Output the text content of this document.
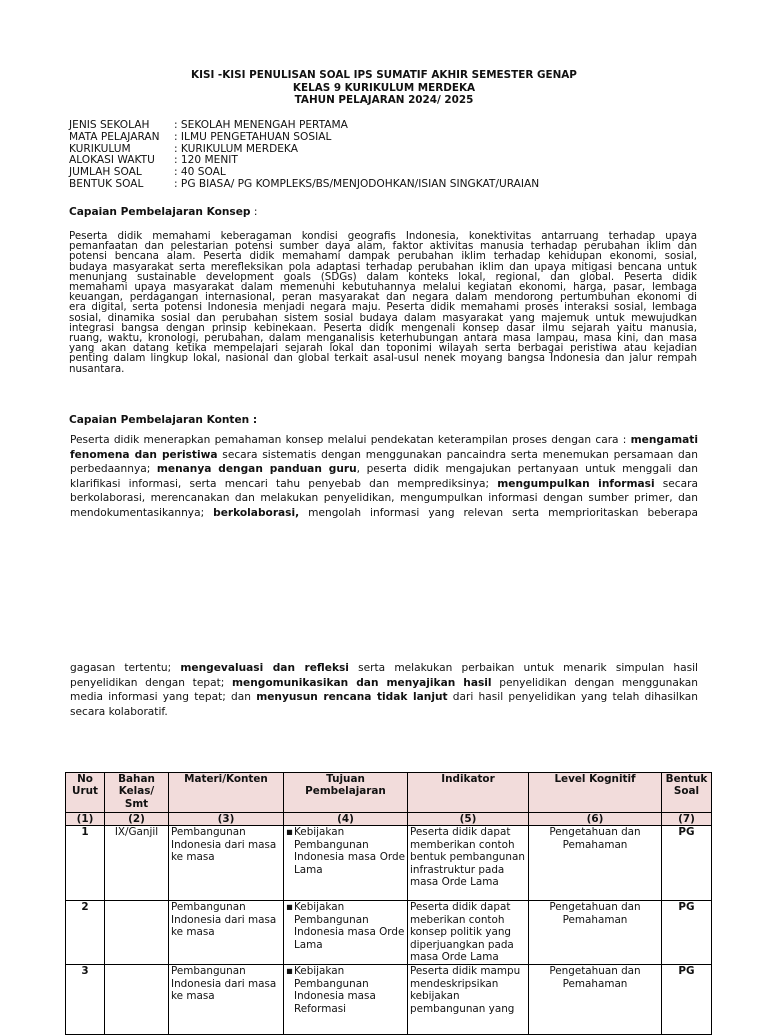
KISI -KISI PENULISAN SOAL IPS SUMATIF AKHIR SEMESTER GENAP
KELAS 9 KURIKULUM MERDEKA
TAHUN PELAJARAN 2024/ 2025
JENIS SEKOLAH	: SEKOLAH MENENGAH PERTAMA
MATA PELAJARAN	: ILMU PENGETAHUAN SOSIAL
KURIKULUM	: KURIKULUM MERDEKA
ALOKASI WAKTU	: 120 MENIT
JUMLAH SOAL	: 40 SOAL
BENTUK SOAL	: PG BIASA/ PG KOMPLEKS/BS/MENJODOHKAN/ISIAN SINGKAT/URAIAN
Capaian Pembelajaran Konsep :
Peserta didik memahami keberagaman kondisi geografis Indonesia, konektivitas antarruang terhadap upaya
pemanfaatan dan pelestarian potensi sumber daya alam, faktor aktivitas manusia terhadap perubahan iklim dan
potensi bencana alam. Peserta didik memahami dampak perubahan iklim terhadap kehidupan ekonomi, sosial,
budaya masyarakat serta merefleksikan pola adaptasi terhadap perubahan iklim dan upaya mitigasi bencana untuk
menunjang sustainable development goals (SDGs) dalam konteks lokal, regional, dan global. Peserta didik
memahami upaya masyarakat dalam memenuhi kebutuhannya melalui kegiatan ekonomi, harga, pasar, lembaga
keuangan, perdagangan internasional, peran masyarakat dan negara dalam mendorong pertumbuhan ekonomi di
era digital, serta potensi Indonesia menjadi negara maju. Peserta didik memahami proses interaksi sosial, lembaga
sosial, dinamika sosial dan perubahan sistem sosial budaya dalam masyarakat yang majemuk untuk mewujudkan
integrasi bangsa dengan prinsip kebinekaan. Peserta didik mengenali konsep dasar ilmu sejarah yaitu manusia,
ruang, waktu, kronologi, perubahan, dalam menganalisis keterhubungan antara masa lampau, masa kini, dan masa
yang akan datang ketika mempelajari sejarah lokal dan toponimi wilayah serta berbagai peristiwa atau kejadian
penting dalam lingkup lokal, nasional dan global terkait asal-usul nenek moyang bangsa Indonesia dan jalur rempah
nusantara.
Capaian Pembelajaran Konten :
Peserta didik menerapkan pemahaman konsep melalui pendekatan keterampilan proses dengan cara : mengamati
fenomena dan peristiwa secara sistematis dengan menggunakan pancaindra serta menemukan persamaan dan
perbedaannya; menanya dengan panduan guru, peserta didik mengajukan pertanyaan untuk menggali dan
klarifikasi informasi, serta mencari tahu penyebab dan memprediksinya; mengumpulkan informasi secara
berkolaborasi, merencanakan dan melakukan penyelidikan, mengumpulkan informasi dengan sumber primer, dan
mendokumentasikannya; berkolaborasi, mengolah informasi yang relevan serta memprioritaskan beberapa
gagasan tertentu; mengevaluasi dan refleksi serta melakukan perbaikan untuk menarik simpulan hasil
penyelidikan dengan tepat; mengomunikasikan dan menyajikan hasil penyelidikan dengan menggunakan
media informasi yang tepat; dan menyusun rencana tidak lanjut dari hasil penyelidikan yang telah dihasilkan
secara kolaboratif.
No Urut	Bahan Kelas/ Smt	Materi/Konten	Tujuan Pembelajaran	Indikator	Level Kognitif	Bentuk Soal
(1)	(2)	(3)	(4)	(5)	(6)	(7)
1	IX/Ganjil	Pembangunan Indonesia dari masa ke masa	▪ Kebijakan Pembangunan Indonesia masa Orde Lama	Peserta didik dapat memberikan contoh bentuk pembangunan infrastruktur pada masa Orde Lama	Pengetahuan dan Pemahaman	PG
2		Pembangunan Indonesia dari masa ke masa	▪ Kebijakan Pembangunan Indonesia masa Orde Lama	Peserta didik dapat meberikan contoh konsep politik yang diperjuangkan pada masa Orde Lama	Pengetahuan dan Pemahaman	PG
3		Pembangunan Indonesia dari masa ke masa	▪ Kebijakan Pembangunan Indonesia masa Reformasi	Peserta didik mampu mendeskripsikan kebijakan pembangunan yang	Pengetahuan dan Pemahaman	PG
